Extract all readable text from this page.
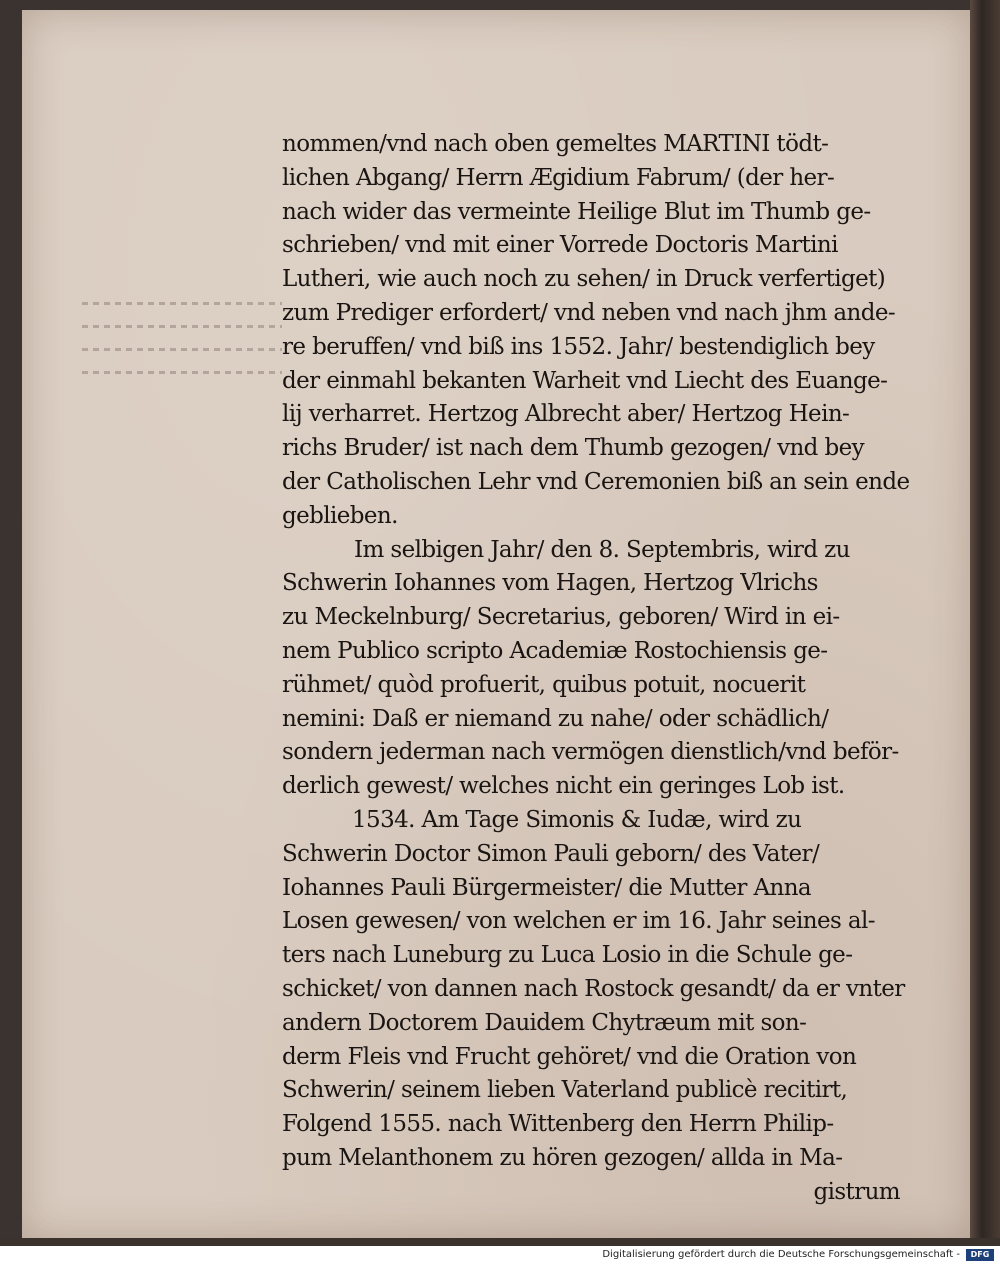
nommen/vnd nach oben gemeltes MARTINI tödt-
lichen Abgang/ Herrn Ægidium Fabrum/ (der her-
nach wider das vermeinte Heilige Blut im Thumb ge-
schrieben/ vnd mit einer Vorrede Doctoris Martini
Lutheri, wie auch noch zu sehen/ in Druck verfertiget)
zum Prediger erfordert/ vnd neben vnd nach jhm ande-
re beruffen/ vnd biß ins 1552. Jahr/ bestendiglich bey
der einmahl bekanten Warheit vnd Liecht des Euange-
lij verharret. Hertzog Albrecht aber/ Hertzog Hein-
richs Bruder/ ist nach dem Thumb gezogen/ vnd bey
der Catholischen Lehr vnd Ceremonien biß an sein ende
geblieben.
Im selbigen Jahr/ den 8. Septembris, wird zu
Schwerin Iohannes vom Hagen, Hertzog Vlrichs
zu Meckelnburg/ Secretarius, geboren/ Wird in ei-
nem Publico scripto Academiæ Rostochiensis ge-
rühmet/ quòd profuerit, quibus potuit, nocuerit
nemini: Daß er niemand zu nahe/ oder schädlich/
sondern jederman nach vermögen dienstlich/vnd beför-
derlich gewest/ welches nicht ein geringes Lob ist.
1534. Am Tage Simonis & Iudæ, wird zu
Schwerin Doctor Simon Pauli geborn/ des Vater/
Iohannes Pauli Bürgermeister/ die Mutter Anna
Losen gewesen/ von welchen er im 16. Jahr seines al-
ters nach Luneburg zu Luca Losio in die Schule ge-
schicket/ von dannen nach Rostock gesandt/ da er vnter
andern Doctorem Dauidem Chytræum mit son-
derm Fleis vnd Frucht gehöret/ vnd die Oration von
Schwerin/ seinem lieben Vaterland publicè recitirt,
Folgend 1555. nach Wittenberg den Herrn Philip-
pum Melanthonem zu hören gezogen/ allda in Ma-
gistrum
Digitalisierung gefördert durch die Deutsche Forschungsgemeinschaft -	DFG
